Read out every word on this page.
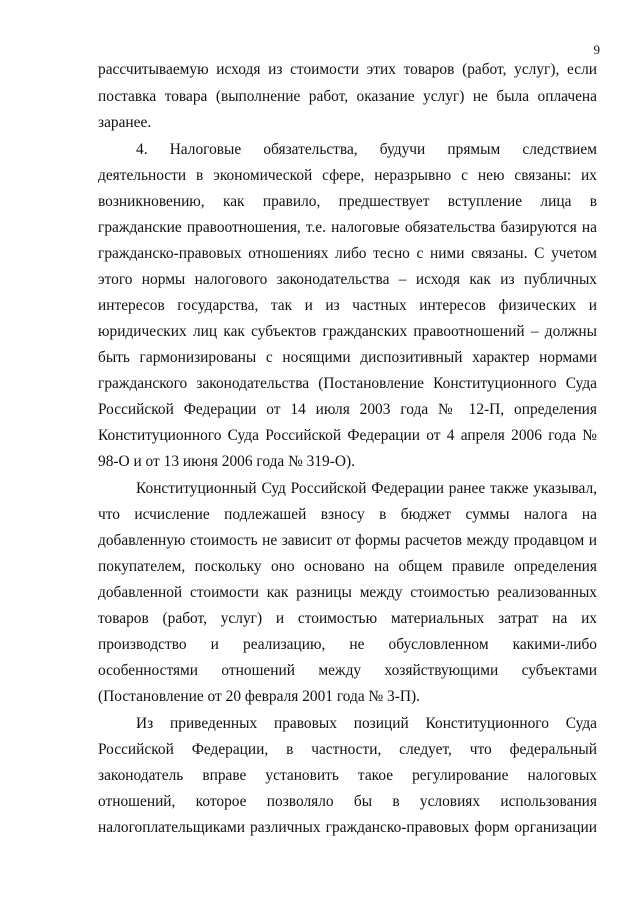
9
рассчитываемую исходя из стоимости этих товаров (работ, услуг), если
поставка товара (выполнение работ, оказание услуг) не была оплачена
заранее.
4. Налоговые обязательства, будучи прямым следствием
деятельности в экономической сфере, неразрывно с нею связаны: их
возникновению, как правило, предшествует вступление лица в
гражданские правоотношения, т.е. налоговые обязательства базируются на
гражданско-правовых отношениях либо тесно с ними связаны. С учетом
этого нормы налогового законодательства – исходя как из публичных
интересов государства, так и из частных интересов физических и
юридических лиц как субъектов гражданских правоотношений – должны
быть гармонизированы с носящими диспозитивный характер нормами
гражданского законодательства (Постановление Конституционного Суда
Российской Федерации от 14 июля 2003 года № 12-П, определения
Конституционного Суда Российской Федерации от 4 апреля 2006 года №
98-О и от 13 июня 2006 года № 319-О).
Конституционный Суд Российской Федерации ранее также указывал,
что исчисление подлежашей взносу в бюджет суммы налога на
добавленную стоимость не зависит от формы расчетов между продавцом и
покупателем, поскольку оно основано на общем правиле определения
добавленной стоимости как разницы между стоимостью реализованных
товаров (работ, услуг) и стоимостью материальных затрат на их
производство и реализацию, не обусловленном какими-либо
особенностями отношений между хозяйствующими субъектами
(Постановление от 20 февраля 2001 года № 3-П).
Из приведенных правовых позиций Конституционного Суда
Российской Федерации, в частности, следует, что федеральный
законодатель вправе установить такое регулирование налоговых
отношений, которое позволяло бы в условиях использования
налогоплательщиками различных гражданско-правовых форм организации
